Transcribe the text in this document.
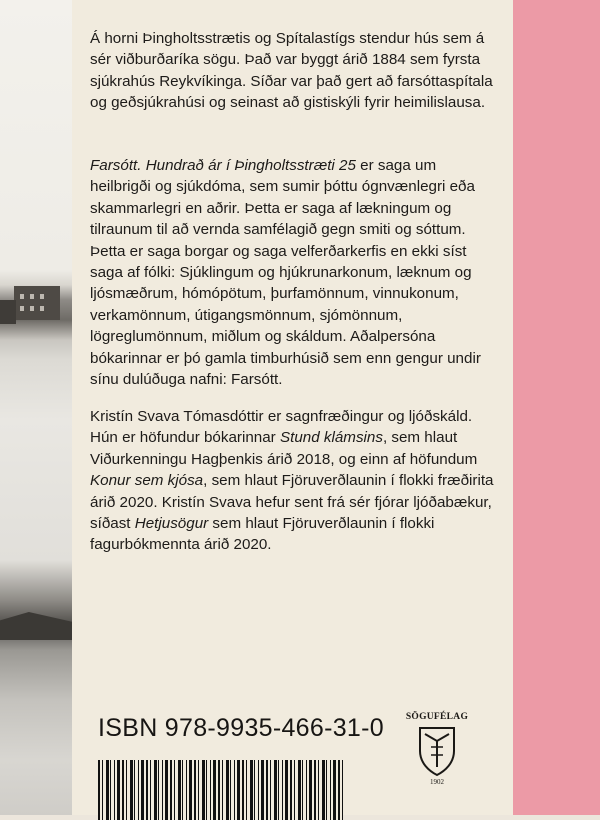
Á horni Þingholtsstrætis og Spítalastígs stendur hús sem á sér viðburðaríka sögu. Það var byggt árið 1884 sem fyrsta sjúkrahús Reykvíkinga. Síðar var það gert að farsóttaspítala og geðsjúkrahúsi og seinast að gistiskýli fyrir heimilislausa.

Farsótt. Hundrað ár í Þingholtsstræti 25 er saga um heilbrigði og sjúkdóma, sem sumir þóttu ógnvænlegri eða skammarlegri en aðrir. Þetta er saga af lækningum og tilraunum til að vernda samfélagið gegn smiti og sóttum. Þetta er saga borgar og saga velferðarkerfis en ekki síst saga af fólki: Sjúklingum og hjúkrunarkonum, læknum og ljósmæðrum, hómópötum, þurfamönnum, vinnukonum, verkamönnum, útigangsmönnum, sjómönnum, lögreglumönnum, miðlum og skáldum. Aðalpersóna bókarinnar er þó gamla timburhúsið sem enn gengur undir sínu dulúðuga nafni: Farsótt.

Kristín Svava Tómasdóttir er sagnfræðingur og ljóðskáld. Hún er höfundur bókarinnar Stund klámsins, sem hlaut Viðurkenningu Hagþenkis árið 2018, og einn af höfundum Konur sem kjósa, sem hlaut Fjöruverðlaunin í flokki fræðirita árið 2020. Kristín Svava hefur sent frá sér fjórar ljóðabækur, síðast Hetjusögur sem hlaut Fjöruverðlaunin í flokki fagurbókmennta árið 2020.

ISBN 978-9935-466-31-0 SÖGUFÉLAG
1902
